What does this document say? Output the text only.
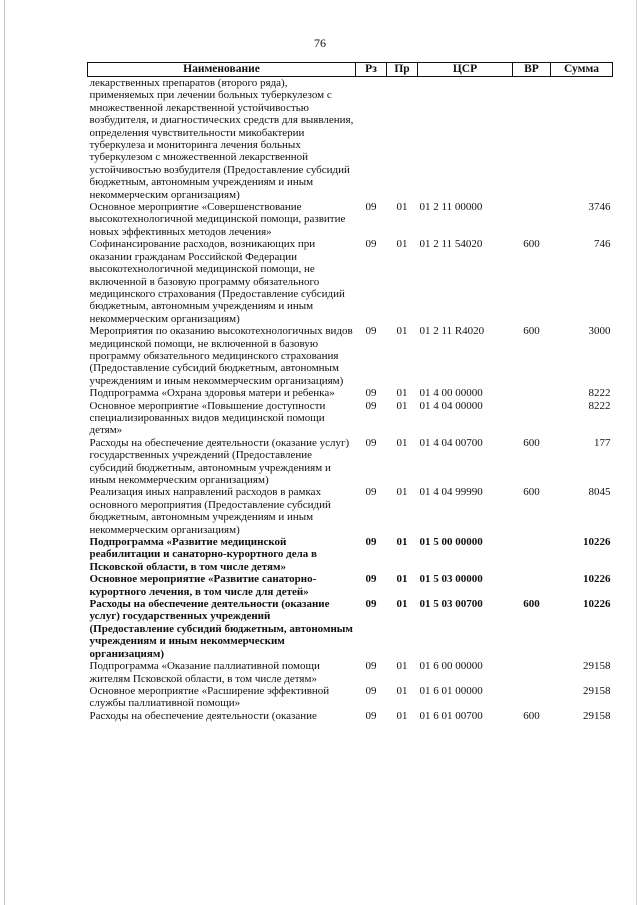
76
Наименование	Рз	Пр	ЦСР	ВР	Сумма
лекарственных препаратов (второго ряда), применяемых при лечении больных туберкулезом с множественной лекарственной устойчивостью возбудителя, и диагностических средств для выявления, определения чувствительности микобактерии туберкулеза и мониторинга лечения больных туберкулезом с множественной лекарственной устойчивостью возбудителя (Предоставление субсидий бюджетным, автономным учреждениям и иным некоммерческим организациям)					
Основное мероприятие «Совершенствование высокотехнологичной медицинской помощи, развитие новых эффективных методов лечения»	09	01	01 2 11 00000		3746
Софинансирование расходов, возникающих при оказании гражданам Российской Федерации высокотехнологичной медицинской помощи, не включенной в базовую программу обязательного медицинского страхования (Предоставление субсидий бюджетным, автономным учреждениям и иным некоммерческим организациям)	09	01	01 2 11 54020	600	746
Мероприятия по оказанию высокотехнологичных видов медицинской помощи, не включенной в базовую программу обязательного медицинского страхования (Предоставление субсидий бюджетным, автономным учреждениям и иным некоммерческим организациям)	09	01	01 2 11 R4020	600	3000
Подпрограмма «Охрана здоровья матери и ребенка»	09	01	01 4 00 00000		8222
Основное мероприятие «Повышение доступности специализированных видов медицинской помощи детям»	09	01	01 4 04 00000		8222
Расходы на обеспечение деятельности (оказание услуг) государственных учреждений (Предоставление субсидий бюджетным, автономным учреждениям и иным некоммерческим организациям)	09	01	01 4 04 00700	600	177
Реализация иных направлений расходов в рамках основного мероприятия (Предоставление субсидий бюджетным, автономным учреждениям и иным некоммерческим организациям)	09	01	01 4 04 99990	600	8045
Подпрограмма «Развитие медицинской реабилитации и санаторно-курортного дела в Псковской области, в том числе детям»	09	01	01 5 00 00000		10226
Основное мероприятие «Развитие санаторно-курортного лечения, в том числе для детей»	09	01	01 5 03 00000		10226
Расходы на обеспечение деятельности (оказание услуг) государственных учреждений (Предоставление субсидий бюджетным, автономным учреждениям и иным некоммерческим организациям)	09	01	01 5 03 00700	600	10226
Подпрограмма «Оказание паллиативной помощи жителям Псковской области, в том числе детям»	09	01	01 6 00 00000		29158
Основное мероприятие «Расширение эффективной службы паллиативной помощи»	09	01	01 6 01 00000		29158
Расходы на обеспечение деятельности (оказание	09	01	01 6 01 00700	600	29158
